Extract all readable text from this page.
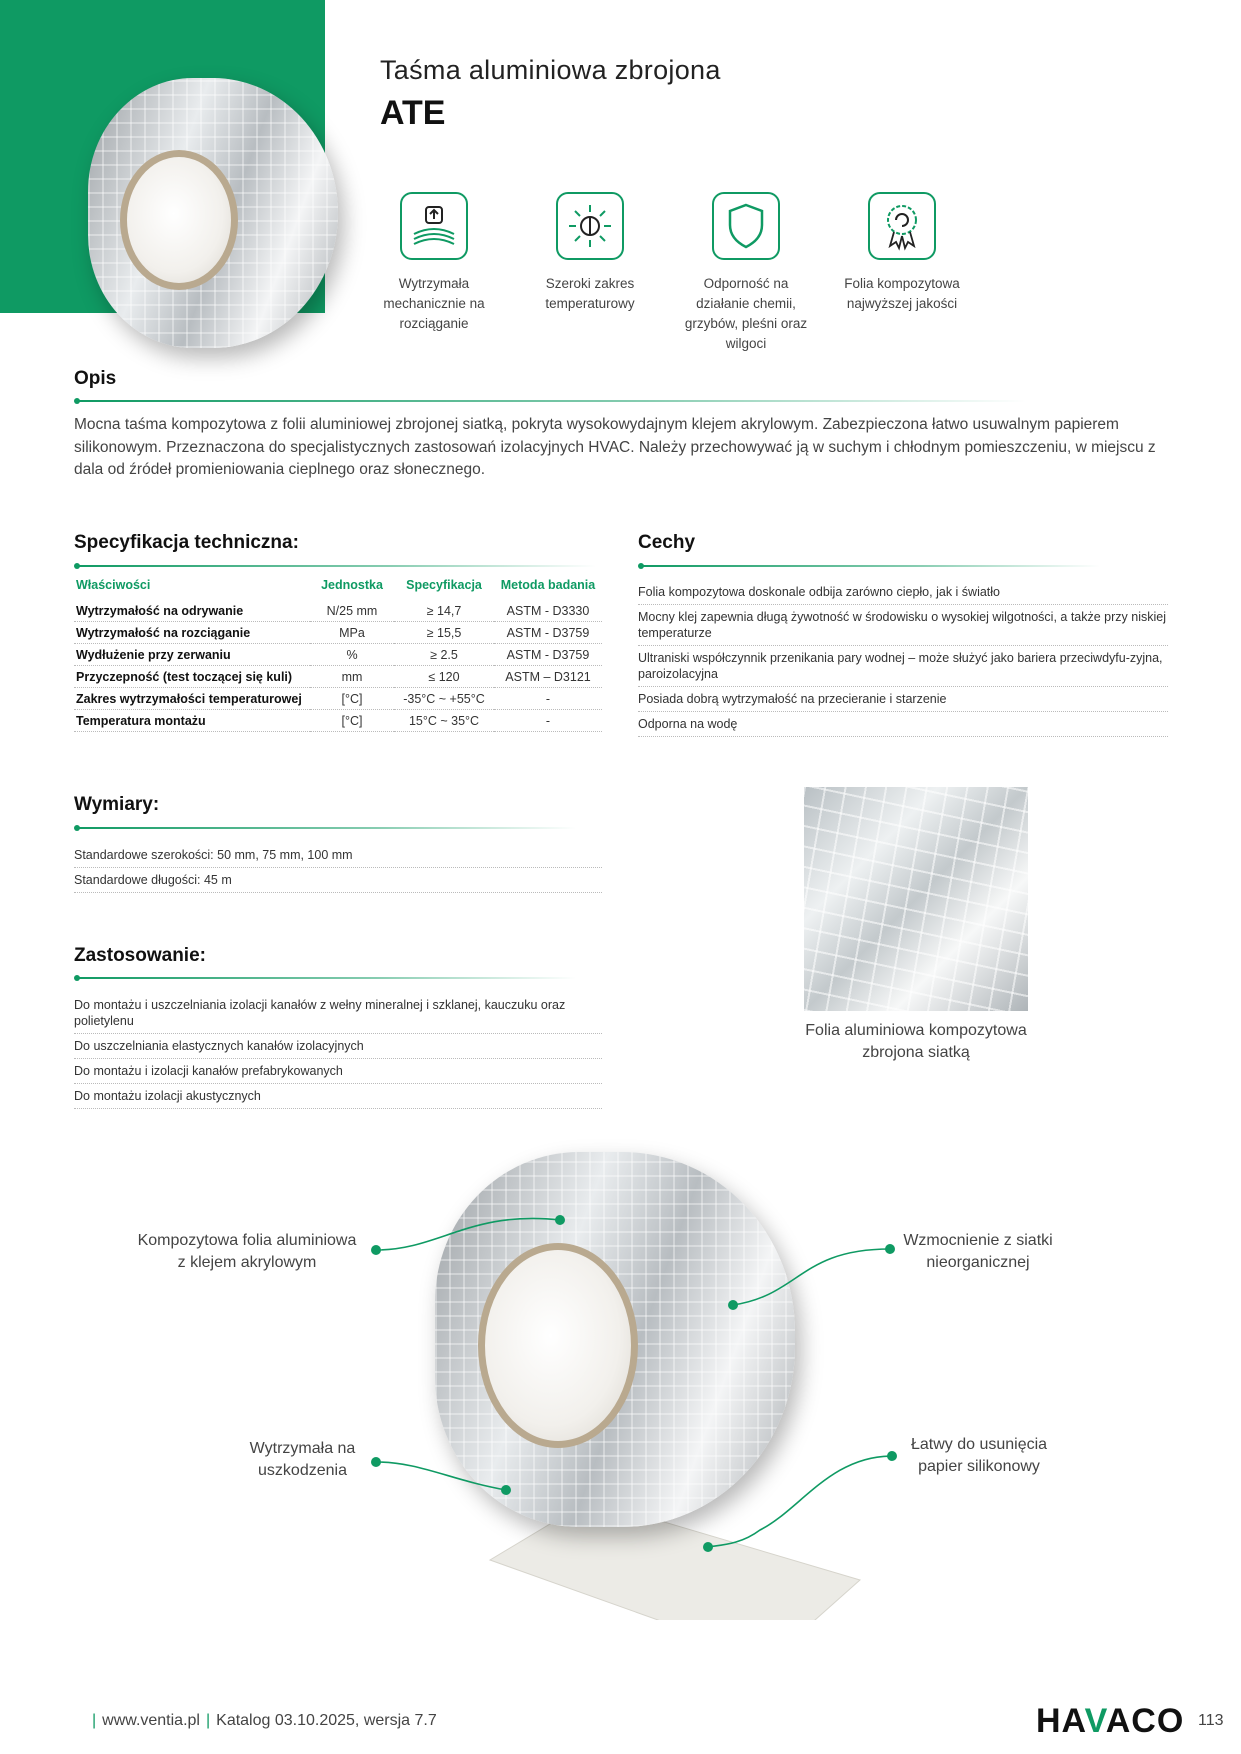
Taśma aluminiowa zbrojona
ATE
Wytrzymała mechanicznie na rozciąganie
Szeroki zakres temperaturowy
Odporność na działanie chemii, grzybów, pleśni oraz wilgoci
Folia kompozytowa najwyższej jakości
Opis
Mocna taśma kompozytowa z folii aluminiowej zbrojonej siatką, pokryta wysokowydajnym klejem akrylowym. Zabezpieczona łatwo usuwalnym papierem silikonowym. Przeznaczona do specjalistycznych zastosowań izolacyjnych HVAC. Należy przechowywać ją w suchym i chłodnym pomieszczeniu, w miejscu z dala od źródeł promieniowania cieplnego oraz słonecznego.
Specyfikacja techniczna:
Właściwości	Jednostka	Specyfikacja	Metoda badania
Wytrzymałość na odrywanie	N/25 mm	≥ 14,7	ASTM - D3330
Wytrzymałość na rozciąganie	MPa	≥ 15,5	ASTM - D3759
Wydłużenie przy zerwaniu	%	≥ 2.5	ASTM - D3759
Przyczepność (test toczącej się kuli)	mm	≤ 120	ASTM – D3121
Zakres wytrzymałości temperaturowej	[°C]	-35°C ~ +55°C	-
Temperatura montażu	[°C]	15°C ~ 35°C	-
Cechy
Folia kompozytowa doskonale odbija zarówno ciepło, jak i światło
Mocny klej zapewnia długą żywotność w środowisku o wysokiej wilgotności, a także przy niskiej temperaturze
Ultraniski współczynnik przenikania pary wodnej – może służyć jako bariera przeciwdyfu-zyjna, paroizolacyjna
Posiada dobrą wytrzymałość na przecieranie i starzenie
Odporna na wodę
Wymiary:
Standardowe szerokości: 50 mm, 75 mm, 100 mm
Standardowe długości: 45 m
Zastosowanie:
Do montażu i uszczelniania izolacji kanałów z wełny mineralnej i szklanej, kauczuku oraz polietylenu
Do uszczelniania elastycznych kanałów izolacyjnych
Do montażu i izolacji kanałów prefabrykowanych
Do montażu izolacji akustycznych
Folia aluminiowa kompozytowa zbrojona siatką
Kompozytowa folia aluminiowa z klejem akrylowym
Wzmocnienie z siatki nieorganicznej
Wytrzymała na uszkodzenia
Łatwy do usunięcia papier silikonowy
| www.ventia.pl | Katalog 03.10.2025, wersja 7.7	HAVACO 113
